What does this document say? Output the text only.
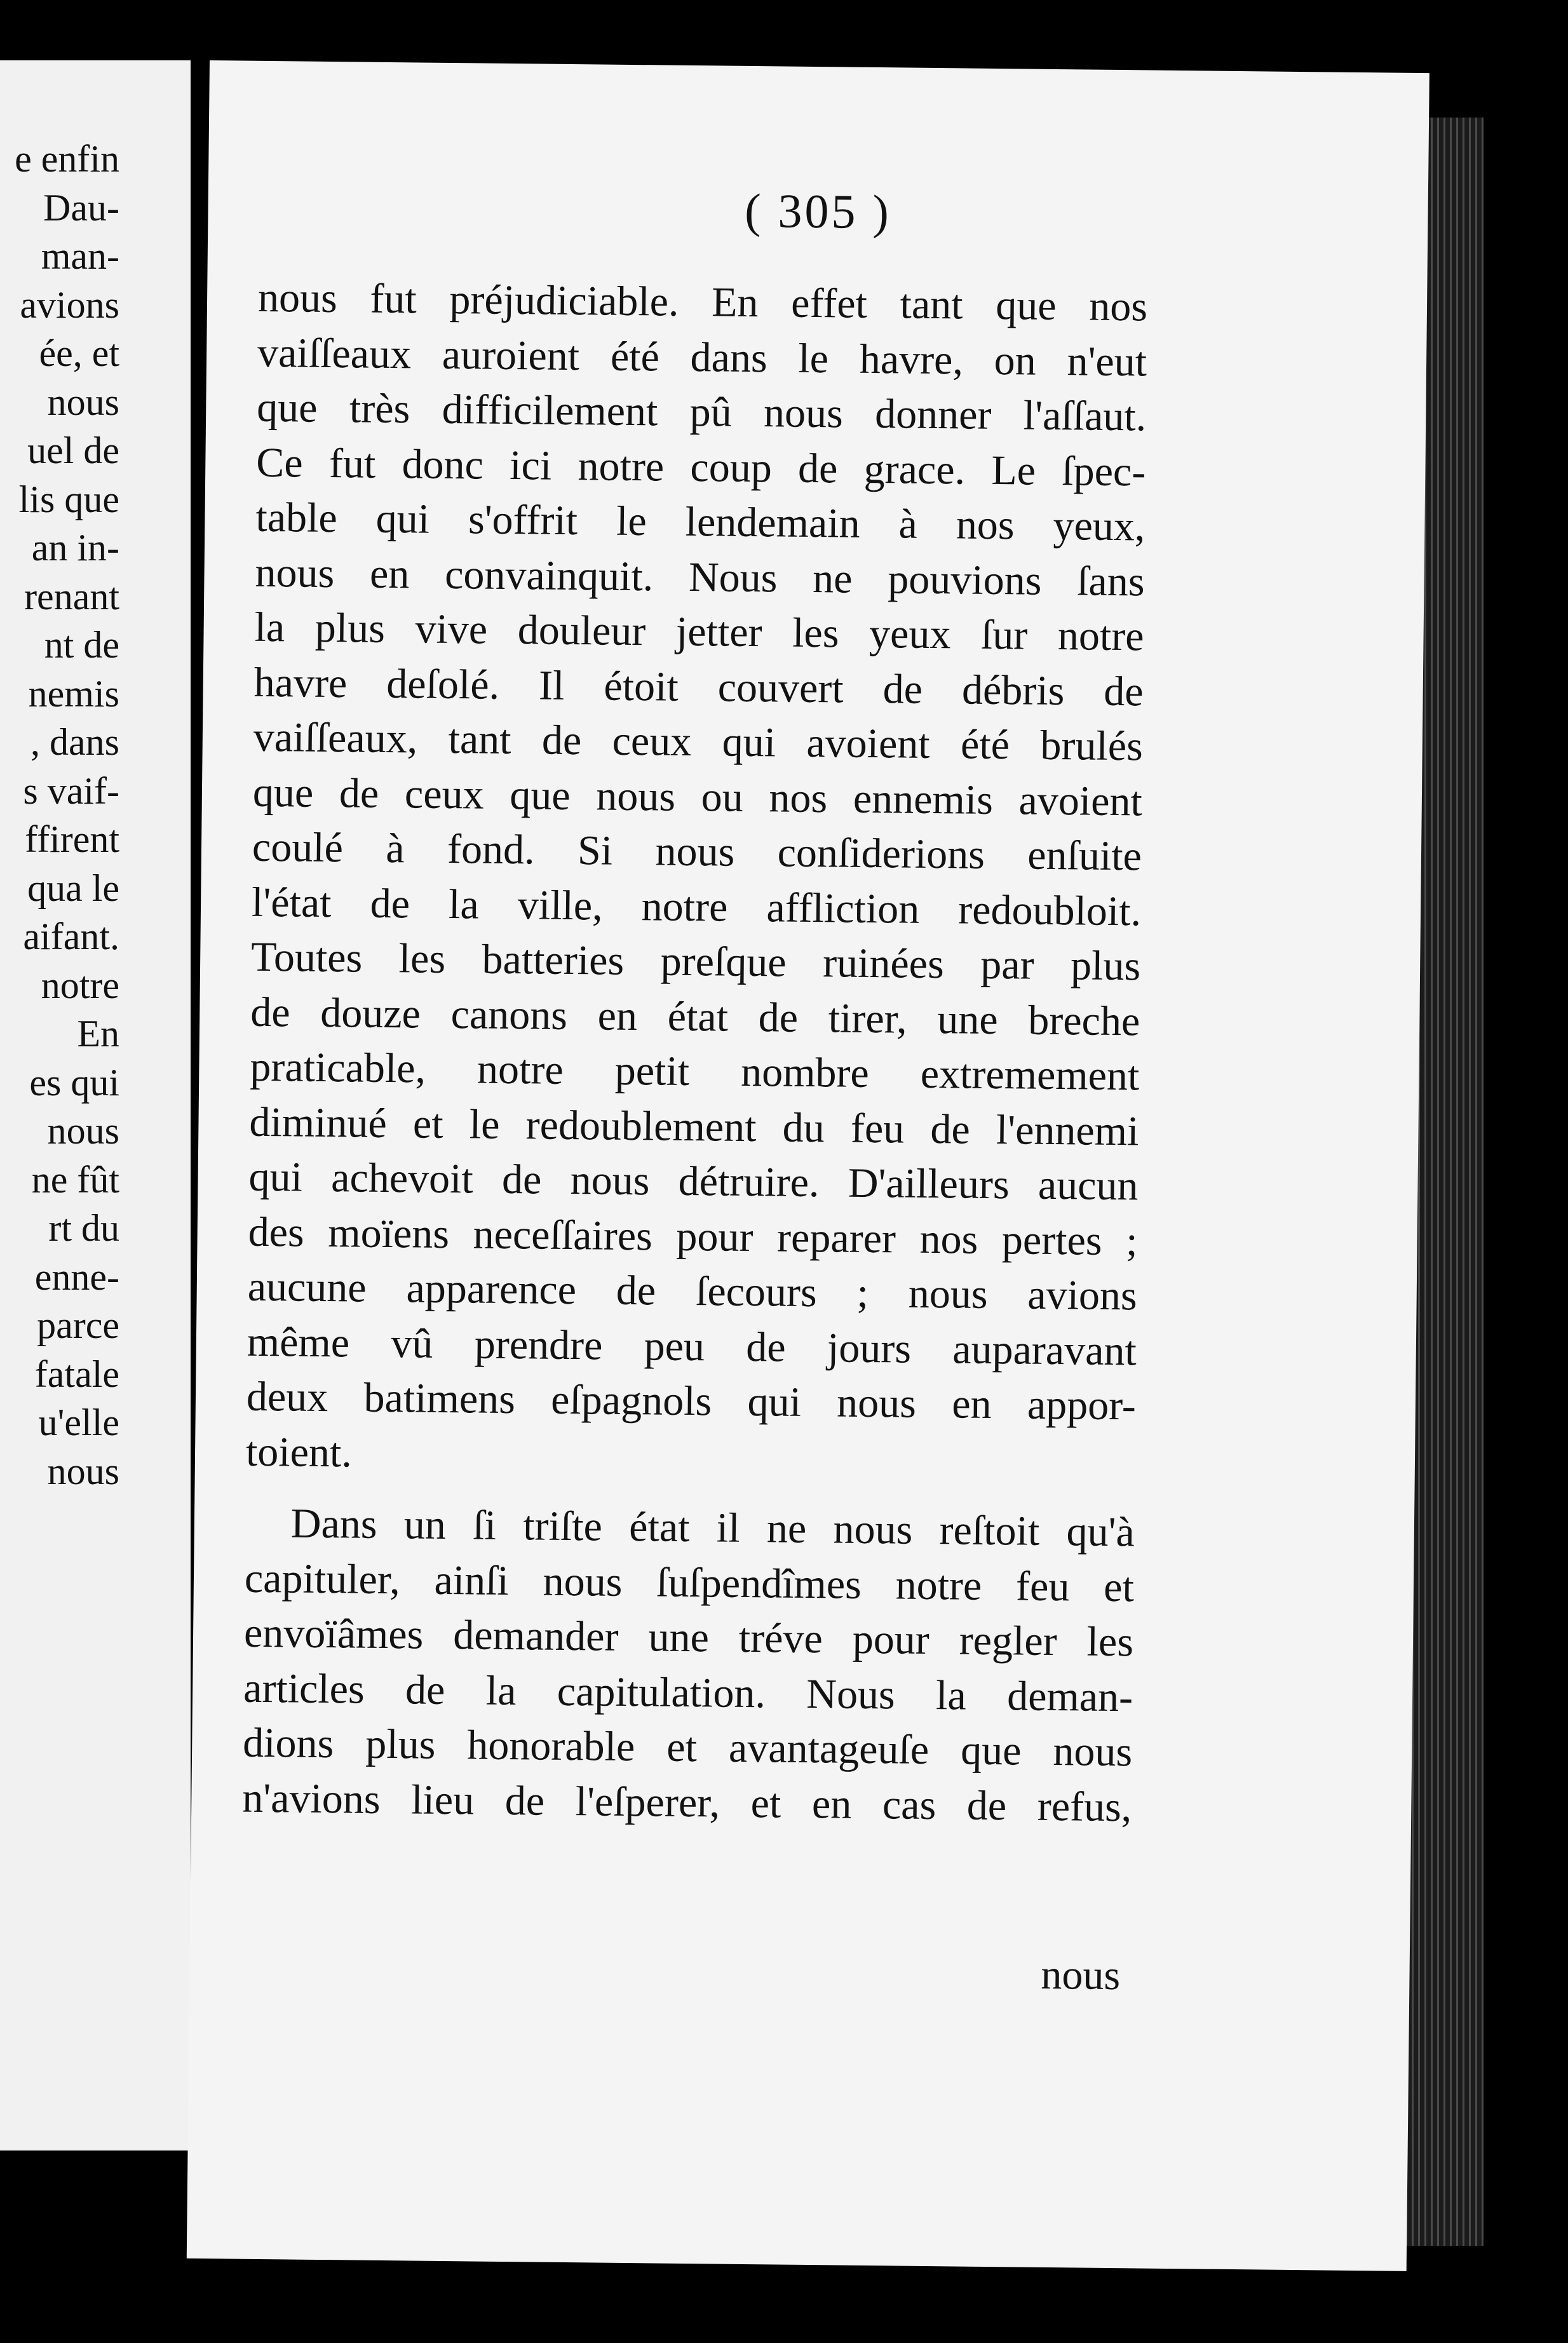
e enfin
Dau-
man-
avions
ée, et
nous
uel de
lis que
an in-
renant
nt de
nemis
, dans
s vaif-
ffirent
qua le
aifant.
notre
En
es qui
nous
ne fût
rt du
enne-
parce
fatale
u'elle
nous
( 305 )
nous fut préjudiciable. En effet tant que nos
vaiſſeaux auroient été dans le havre, on n'eut
que très difficilement pû nous donner l'aſſaut.
Ce fut donc ici notre coup de grace. Le ſpec-
table qui s'offrit le lendemain à nos yeux,
nous en convainquit. Nous ne pouvions ſans
la plus vive douleur jetter les yeux ſur notre
havre deſolé. Il étoit couvert de débris de
vaiſſeaux, tant de ceux qui avoient été brulés
que de ceux que nous ou nos ennemis avoient
coulé à fond. Si nous conſiderions enſuite
l'état de la ville, notre affliction redoubloit.
Toutes les batteries preſque ruinées par plus
de douze canons en état de tirer, une breche
praticable, notre petit nombre extremement
diminué et le redoublement du feu de l'ennemi
qui achevoit de nous détruire. D'ailleurs aucun
des moïens neceſſaires pour reparer nos pertes ;
aucune apparence de ſecours ; nous avions
même vû prendre peu de jours auparavant
deux batimens eſpagnols qui nous en appor-
toient.
Dans un ſi triſte état il ne nous reſtoit qu'à
capituler, ainſi nous ſuſpendîmes notre feu et
envoïâmes demander une tréve pour regler les
articles de la capitulation. Nous la deman-
dions plus honorable et avantageuſe que nous
n'avions lieu de l'eſperer, et en cas de refus,
nous
